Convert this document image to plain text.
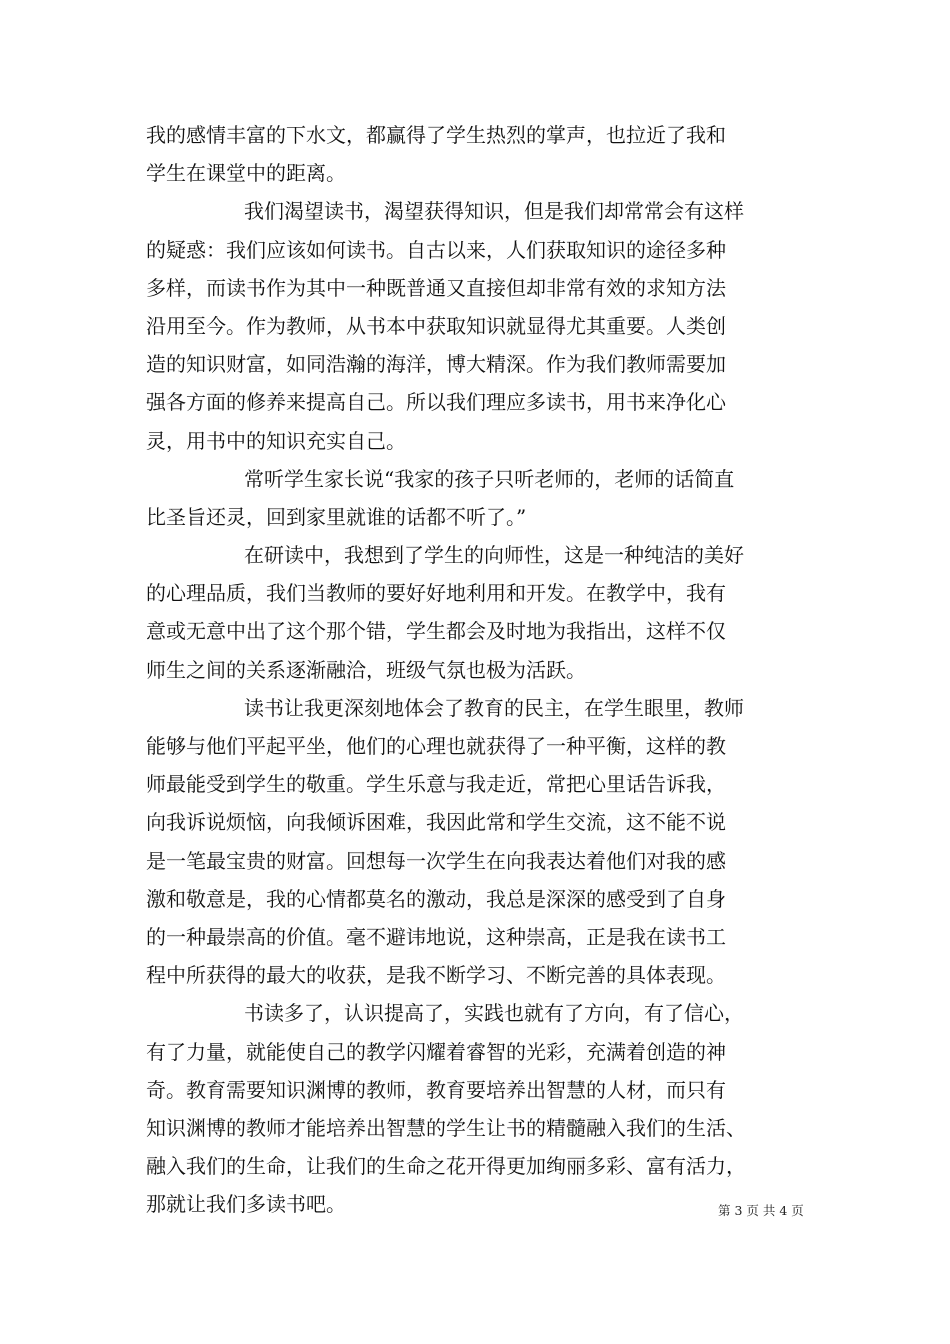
我的感情丰富的下水文，都赢得了学生热烈的掌声，也拉近了我和
学生在课堂中的距离。
我们渴望读书，渴望获得知识，但是我们却常常会有这样
的疑惑：我们应该如何读书。自古以来，人们获取知识的途径多种
多样，而读书作为其中一种既普通又直接但却非常有效的求知方法
沿用至今。作为教师，从书本中获取知识就显得尤其重要。人类创
造的知识财富，如同浩瀚的海洋，博大精深。作为我们教师需要加
强各方面的修养来提高自己。所以我们理应多读书，用书来净化心
灵，用书中的知识充实自己。
常听学生家长说“我家的孩子只听老师的，老师的话简直
比圣旨还灵，回到家里就谁的话都不听了。”
在研读中，我想到了学生的向师性，这是一种纯洁的美好
的心理品质，我们当教师的要好好地利用和开发。在教学中，我有
意或无意中出了这个那个错，学生都会及时地为我指出，这样不仅
师生之间的关系逐渐融洽，班级气氛也极为活跃。
读书让我更深刻地体会了教育的民主，在学生眼里，教师
能够与他们平起平坐，他们的心理也就获得了一种平衡，这样的教
师最能受到学生的敬重。学生乐意与我走近，常把心里话告诉我，
向我诉说烦恼，向我倾诉困难，我因此常和学生交流，这不能不说
是一笔最宝贵的财富。回想每一次学生在向我表达着他们对我的感
激和敬意是，我的心情都莫名的激动，我总是深深的感受到了自身
的一种最崇高的价值。毫不避讳地说，这种崇高，正是我在读书工
程中所获得的最大的收获，是我不断学习、不断完善的具体表现。
书读多了，认识提高了，实践也就有了方向，有了信心，
有了力量，就能使自己的教学闪耀着睿智的光彩，充满着创造的神
奇。教育需要知识渊博的教师，教育要培养出智慧的人材，而只有
知识渊博的教师才能培养出智慧的学生让书的精髓融入我们的生活、
融入我们的生命，让我们的生命之花开得更加绚丽多彩、富有活力，
那就让我们多读书吧。	第 3 页 共 4 页
